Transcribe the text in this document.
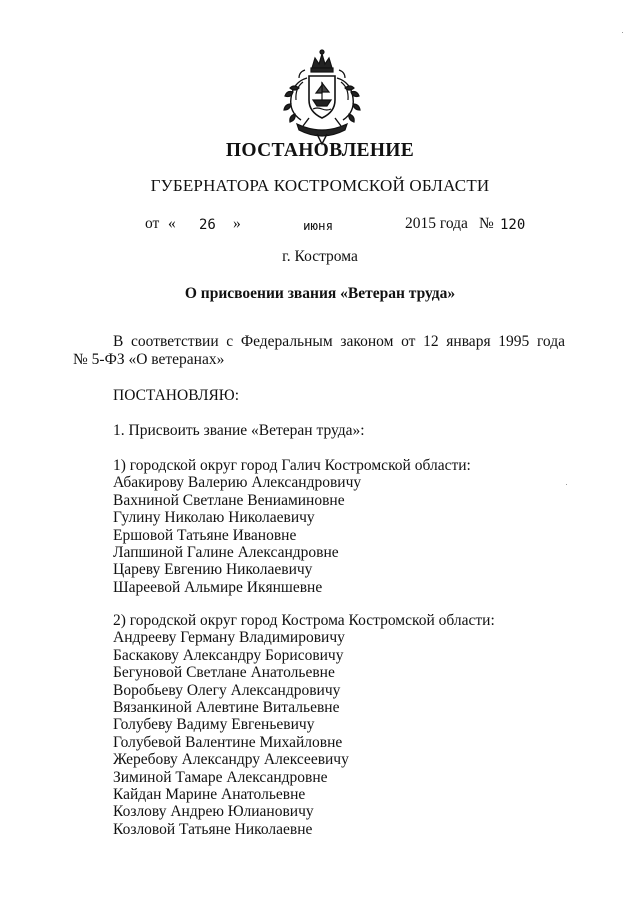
ПОСТАНОВЛЕНИЕ
ГУБЕРНАТОРА КОСТРОМСКОЙ ОБЛАСТИ
от « 26 »	июня	2015 года № 120
г. Кострома
О присвоении звания «Ветеран труда»
В соответствии с Федеральным законом от 12 января 1995 года
№ 5-ФЗ «О ветеранах»
ПОСТАНОВЛЯЮ:
1. Присвоить звание «Ветеран труда»:
1) городской округ город Галич Костромской области:
Абакирову Валерию Александровичу
Вахниной Светлане Вениаминовне
Гулину Николаю Николаевичу
Ершовой Татьяне Ивановне
Лапшиной Галине Александровне
Цареву Евгению Николаевичу
Шареевой Альмире Икяншевне
2) городской округ город Кострома Костромской области:
Андрееву Герману Владимировичу
Баскакову Александру Борисовичу
Бегуновой Светлане Анатольевне
Воробьеву Олегу Александровичу
Вязанкиной Алевтине Витальевне
Голубеву Вадиму Евгеньевичу
Голубевой Валентине Михайловне
Жеребову Александру Алексеевичу
Зиминой Тамаре Александровне
Кайдан Марине Анатольевне
Козлову Андрею Юлиановичу
Козловой Татьяне Николаевне
